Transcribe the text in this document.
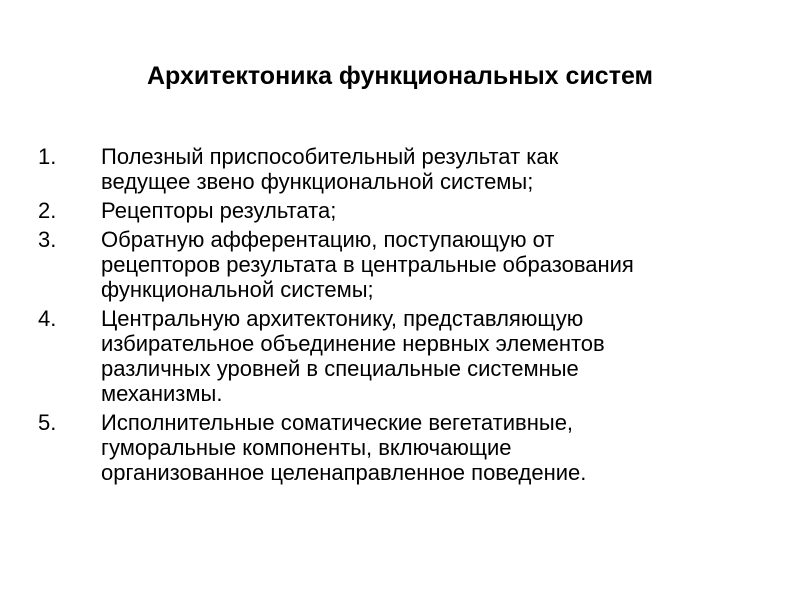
Архитектоника функциональных систем
1.	Полезный приспособительный результат как
ведущее звено функциональной системы;
2.	Рецепторы результата;
3.	Обратную афферентацию, поступающую от
рецепторов результата в центральные образования
функциональной системы;
4.	Центральную архитектонику, представляющую
избирательное объединение нервных элементов
различных уровней в специальные системные
механизмы.
5.	Исполнительные соматические вегетативные,
гуморальные компоненты, включающие
организованное целенаправленное поведение.
